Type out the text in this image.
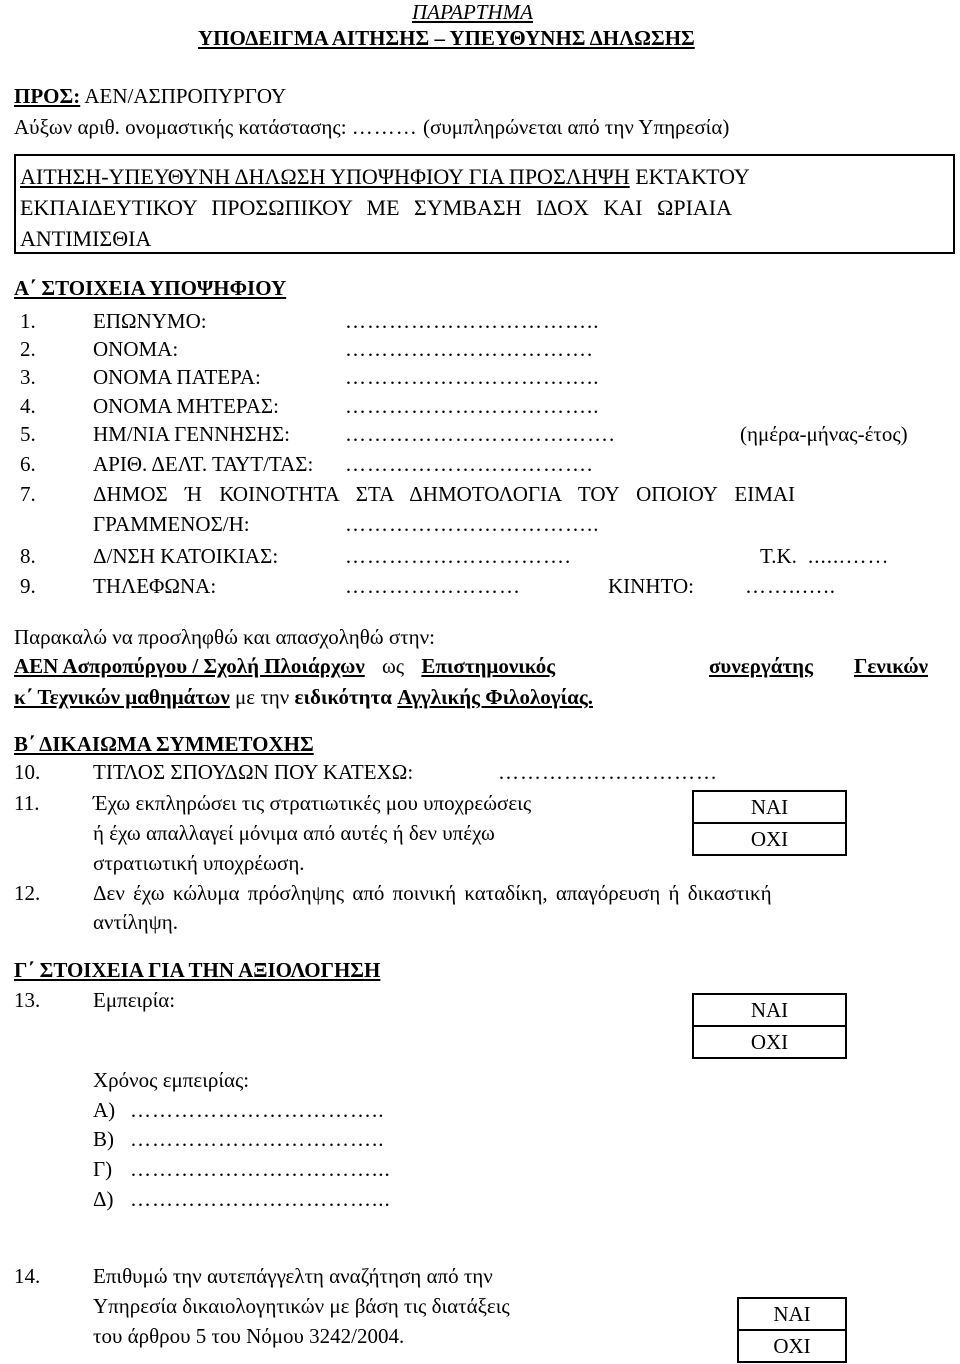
ΠΑΡΑΡΤΗΜΑ
ΥΠΟΔΕΙΓΜΑ ΑΙΤΗΣΗΣ – ΥΠΕΥΘΥΝΗΣ ΔΗΛΩΣΗΣ
ΠΡΟΣ: ΑΕΝ/ΑΣΠΡΟΠΥΡΓΟΥ
Αύξων αριθ. ονομαστικής κατάστασης: ……… (συμπληρώνεται από την Υπηρεσία)
ΑΙΤΗΣΗ-ΥΠΕΥΘΥΝΗ ΔΗΛΩΣΗ ΥΠΟΨΗΦΙΟΥ ΓΙΑ ΠΡΟΣΛΗΨΗ ΕΚΤΑΚΤΟΥ
ΕΚΠΑΙΔΕΥΤΙΚΟΥ ΠΡΟΣΩΠΙΚΟΥ ΜΕ ΣΥΜΒΑΣΗ ΙΔΟΧ ΚΑΙ ΩΡΙΑΙΑ
ΑΝΤΙΜΙΣΘΙΑ
Α΄ ΣΤΟΙΧΕΙΑ ΥΠΟΨΗΦΙΟΥ
1.	ΕΠΩΝΥΜΟ:	……………………………..
2.	ΟΝΟΜΑ:	…………………………….
3.	ΟΝΟΜΑ ΠΑΤΕΡΑ:	……………………………..
4.	ΟΝΟΜΑ ΜΗΤΕΡΑΣ:	……………………………..
5.	ΗΜ/ΝΙΑ ΓΕΝΝΗΣΗΣ:	……………………………….	(ημέρα-μήνας-έτος)
6.	ΑΡΙΘ. ΔΕΛΤ. ΤΑΥΤ/ΤΑΣ: …………………………….
7.	ΔΗΜΟΣ Ή ΚΟΙΝΟΤΗΤΑ ΣΤΑ ΔΗΜΟΤΟΛΟΓΙΑ ΤΟΥ ΟΠΟΙΟΥ ΕΙΜΑΙ
ΓΡΑΜΜΕΝΟΣ/Η:	……………………………..
8.	Δ/ΝΣΗ ΚΑΤΟΙΚΙΑΣ:	………………………….	Τ.Κ. ......……
9.	ΤΗΛΕΦΩΝΑ:	……………………	ΚΙΝΗΤΟ: ……..…..
Παρακαλώ να προσληφθώ και απασχοληθώ στην:
ΑΕΝ Ασπροπύργου / Σχολή Πλοιάρχων ως Επιστημονικός	συνεργάτης Γενικών
κ΄ Τεχνικών μαθημάτων με την ειδικότητα Αγγλικής Φιλολογίας.
Β΄ ΔΙΚΑΙΩΜΑ ΣΥΜΜΕΤΟΧΗΣ
10.	ΤΙΤΛΟΣ ΣΠΟΥΔΩΝ ΠΟΥ ΚΑΤΕΧΩ:	…………………………
11.	Έχω εκπληρώσει τις στρατιωτικές μου υποχρεώσεις
ή έχω απαλλαγεί μόνιμα από αυτές ή δεν υπέχω
στρατιωτική υποχρέωση.
ΝΑΙ
ΟΧΙ
12.	Δεν έχω κώλυμα πρόσληψης από ποινική καταδίκη, απαγόρευση ή δικαστική
αντίληψη.
Γ΄ ΣΤΟΙΧΕΙΑ ΓΙΑ ΤΗΝ ΑΞΙΟΛΟΓΗΣΗ
13.	Εμπειρία:	ΝΑΙ
ΟΧΙ
Χρόνος εμπειρίας:
Α) ……………………………..
Β) ……………………………..
Γ) ……………………………...
Δ) ……………………………...
14.	Επιθυμώ την αυτεπάγγελτη αναζήτηση από την
Υπηρεσία δικαιολογητικών με βάση τις διατάξεις
του άρθρου 5 του Νόμου 3242/2004.
ΝΑΙ
ΟΧΙ
